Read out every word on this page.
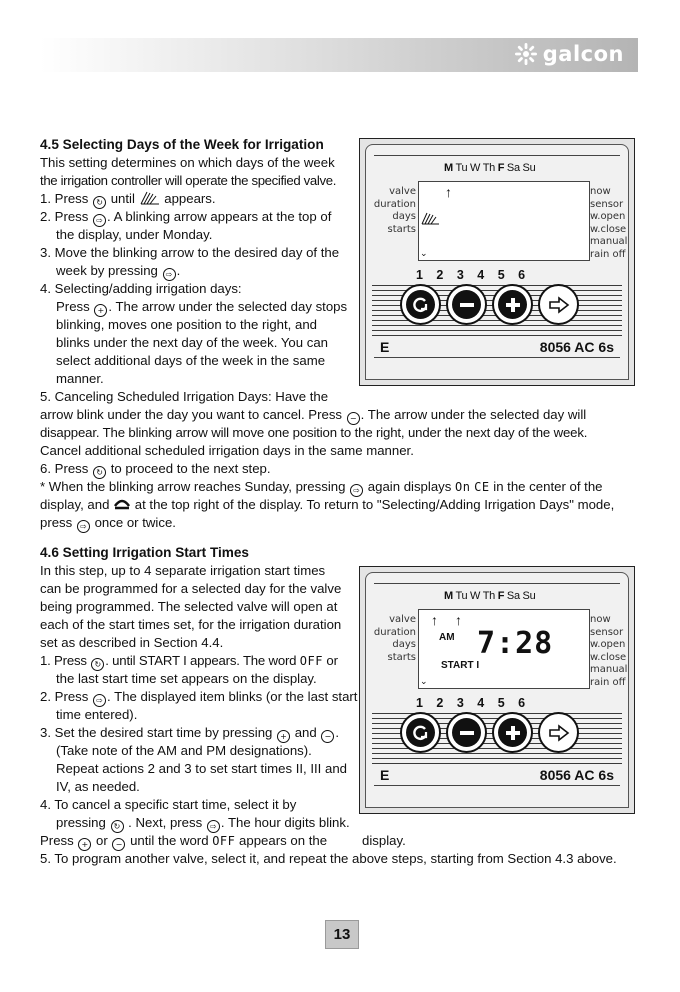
galcon
4.5 Selecting Days of the Week for Irrigation
This setting determines on which days of the week
the irrigation controller will operate the specified valve.
1. Press ↻ until  appears.
2. Press ⇨ . A blinking arrow appears at the top of
the display, under Monday.
3. Move the blinking arrow to the desired day of the
week by pressing ⇨ .
4. Selecting/adding irrigation days:
Press + . The arrow under the selected day stops
blinking, moves one position to the right, and
blinks under the next day of the week. You can
select additional days of the week in the same
manner.
5. Canceling Scheduled Irrigation Days: Have the
arrow blink under the day you want to cancel. Press − . The arrow under the selected day will
disappear. The blinking arrow will move one position to the right, under the next day of the week.
Cancel additional scheduled irrigation days in the same manner.
6. Press ↻ to proceed to the next step.
* When the blinking arrow reaches Sunday, pressing ⇨ again displays On CE in the center of the
display, and  at the top right of the display. To return to "Selecting/Adding Irrigation Days" mode,
press ⇨ once or twice.
M Tu W Th F Sa Su
↑
⌄
valve
duration
days
starts
now
sensor
w.open
w.close
manual
rain off
1 2 3 4 5 6
E	8056 AC 6s
4.6 Setting Irrigation Start Times
In this step, up to 4 separate irrigation start times
can be programmed for a selected day for the valve
being programmed. The selected valve will open at
each of the start times set, for the irrigation duration
set as described in Section 4.4.
1. Press ↻ . until START I appears. The word OFF or
the last start time set appears on the display.
2. Press ⇨ . The displayed item blinks (or the last start
time entered).
3. Set the desired start time by pressing + and − .
(Take note of the AM and PM designations).
Repeat actions 2 and 3 to set start times II, III and
IV, as needed.
4. To cancel a specific start time, select it by
pressing ↻ . Next, press ⇨ . The hour digits blink.
Press + or − until the word OFF appears on the	display.
5. To program another valve, select it, and repeat the above steps, starting from Section 4.3 above.
M Tu W Th F Sa Su
↑ ↑
AM 7:28
START I
⌄
valve
duration
days
starts
now
sensor
w.open
w.close
manual
rain off
1 2 3 4 5 6
E	8056 AC 6s
13
